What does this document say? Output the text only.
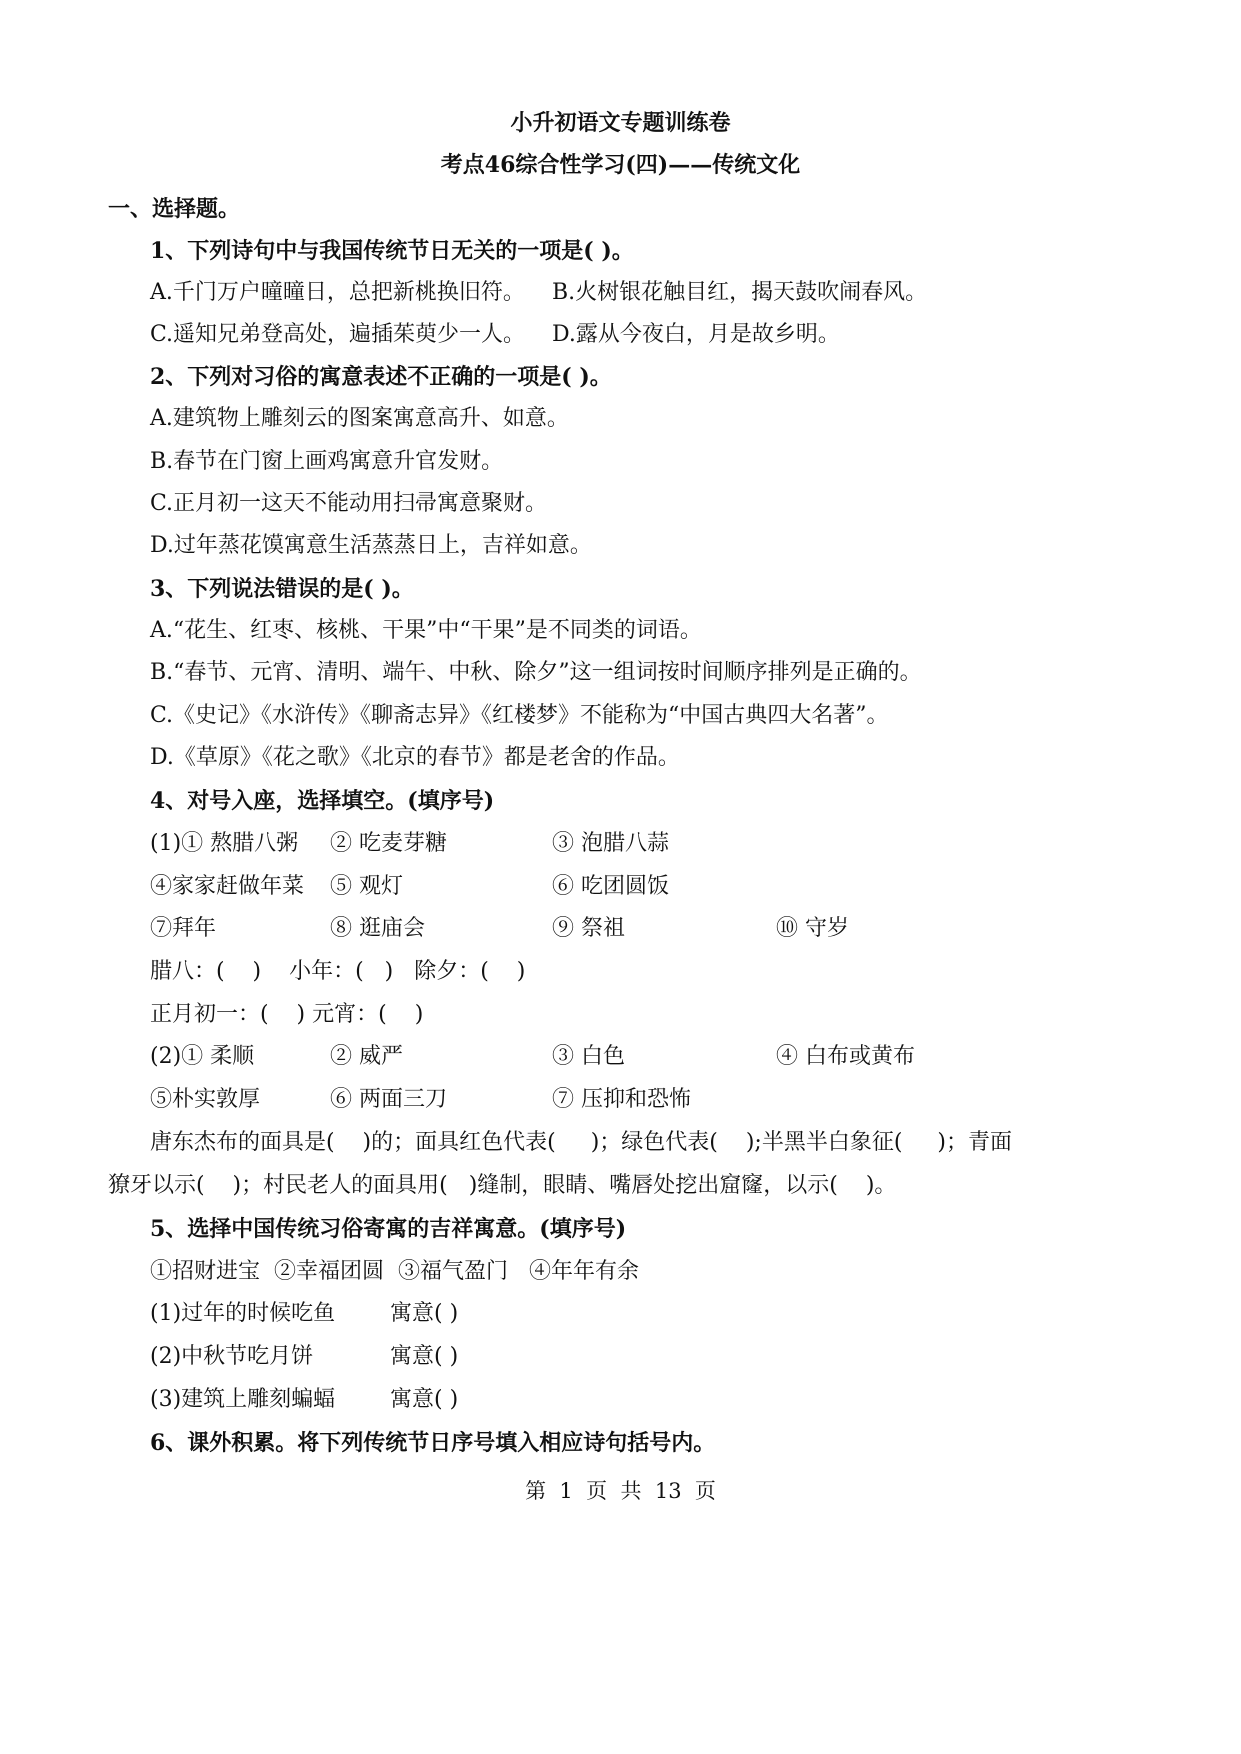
小升初语文专题训练卷
考点46综合性学习(四)——传统文化
一、选择题。
1、下列诗句中与我国传统节日无关的一项是( )。
A.千门万户曈曈日，总把新桃换旧符。 B.火树银花触目红，揭天鼓吹闹春风。
C.遥知兄弟登高处，遍插茱萸少一人。 D.露从今夜白，月是故乡明。
2、下列对习俗的寓意表述不正确的一项是( )。
A.建筑物上雕刻云的图案寓意高升、如意。
B.春节在门窗上画鸡寓意升官发财。
C.正月初一这天不能动用扫帚寓意聚财。
D.过年蒸花馍寓意生活蒸蒸日上，吉祥如意。
3、下列说法错误的是( )。
A.“花生、红枣、核桃、干果”中“干果”是不同类的词语。
B.“春节、元宵、清明、端午、中秋、除夕”这一组词按时间顺序排列是正确的。
C.《史记》《水浒传》《聊斋志异》《红楼梦》不能称为“中国古典四大名著”。
D.《草原》《花之歌》《北京的春节》都是老舍的作品。
4、对号入座，选择填空。(填序号)
(1)① 熬腊八粥 ② 吃麦芽糖	③ 泡腊八蒜
④家家赶做年菜 ⑤ 观灯	⑥ 吃团圆饭
⑦拜年	⑧ 逛庙会	⑨ 祭祖	⑩ 守岁
腊八：(    )    小年：(   )   除夕：(    )
正月初一：(    ) 元宵：(    )
(2)① 柔顺	② 威严	③ 白色	④ 白布或黄布
⑤朴实敦厚	⑥ 两面三刀	⑦ 压抑和恐怖
唐东杰布的面具是(    )的；面具红色代表(     )；绿色代表(    );半黑半白象征(     )；青面
獠牙以示(    )；村民老人的面具用(   )缝制，眼睛、嘴唇处挖出窟窿，以示(    )。
5、选择中国传统习俗寄寓的吉祥寓意。(填序号)
①招财进宝  ②幸福团圆  ③福气盈门   ④年年有余
(1)过年的时候吃鱼 寓意( )
(2)中秋节吃月饼	寓意( )
(3)建筑上雕刻蝙蝠 寓意( )
6、课外积累。将下列传统节日序号填入相应诗句括号内。
第  1  页  共  13  页
